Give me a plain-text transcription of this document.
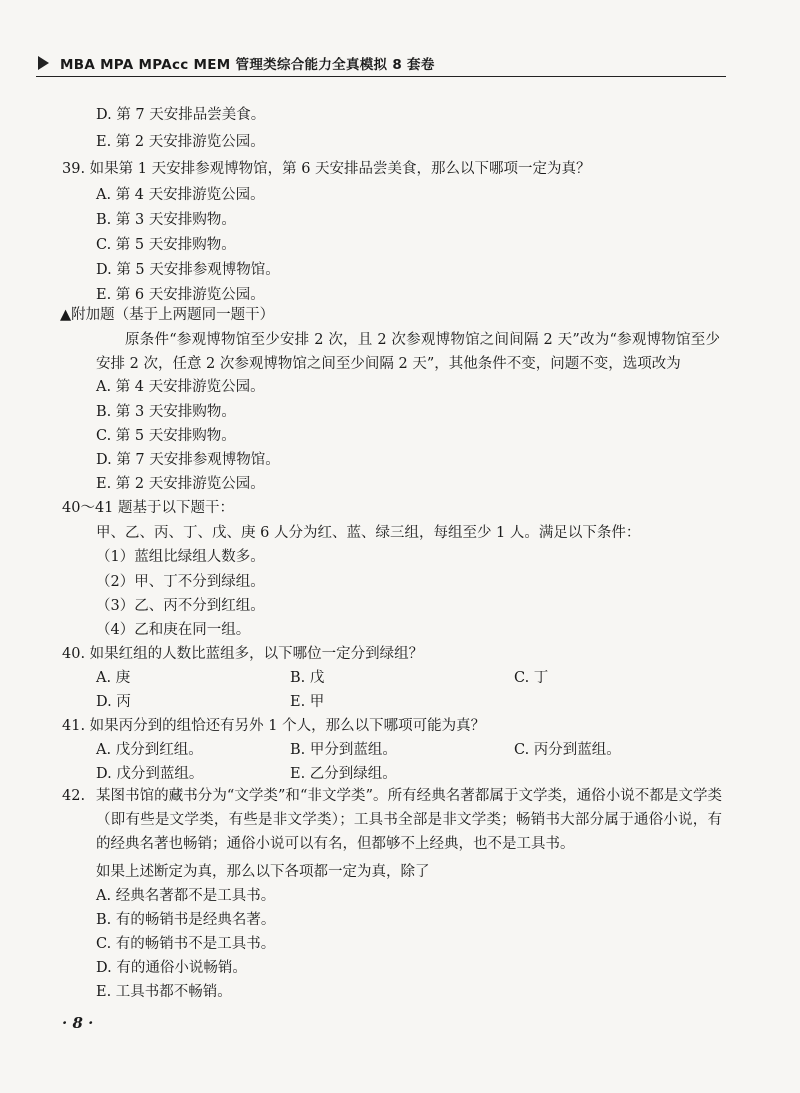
MBA MPA MPAcc MEM 管理类综合能力全真模拟 8 套卷
D. 第 7 天安排品尝美食。
E. 第 2 天安排游览公园。
39. 如果第 1 天安排参观博物馆，第 6 天安排品尝美食，那么以下哪项一定为真？
A. 第 4 天安排游览公园。
B. 第 3 天安排购物。
C. 第 5 天安排购物。
D. 第 5 天安排参观博物馆。
E. 第 6 天安排游览公园。
▲附加题（基于上两题同一题干）
原条件“参观博物馆至少安排 2 次，且 2 次参观博物馆之间间隔 2 天”改为“参观博物馆至少安排 2 次，任意 2 次参观博物馆之间至少间隔 2 天”，其他条件不变，问题不变，选项改为
A. 第 4 天安排游览公园。
B. 第 3 天安排购物。
C. 第 5 天安排购物。
D. 第 7 天安排参观博物馆。
E. 第 2 天安排游览公园。
40～41 题基于以下题干：
甲、乙、丙、丁、戊、庚 6 人分为红、蓝、绿三组，每组至少 1 人。满足以下条件：
（1）蓝组比绿组人数多。
（2）甲、丁不分到绿组。
（3）乙、丙不分到红组。
（4）乙和庚在同一组。
40. 如果红组的人数比蓝组多，以下哪位一定分到绿组？
A. 庚	B. 戊	C. 丁
D. 丙	E. 甲
41. 如果丙分到的组恰还有另外 1 个人，那么以下哪项可能为真？
A. 戊分到红组。	B. 甲分到蓝组。	C. 丙分到蓝组。
D. 戊分到蓝组。	E. 乙分到绿组。
42. 某图书馆的藏书分为“文学类”和“非文学类”。所有经典名著都属于文学类，通俗小说不都是文学类（即有些是文学类，有些是非文学类）；工具书全部是非文学类；畅销书大部分属于通俗小说，有的经典名著也畅销；通俗小说可以有名，但都够不上经典，也不是工具书。
如果上述断定为真，那么以下各项都一定为真，除了
A. 经典名著都不是工具书。
B. 有的畅销书是经典名著。
C. 有的畅销书不是工具书。
D. 有的通俗小说畅销。
E. 工具书都不畅销。
· 8 ·
